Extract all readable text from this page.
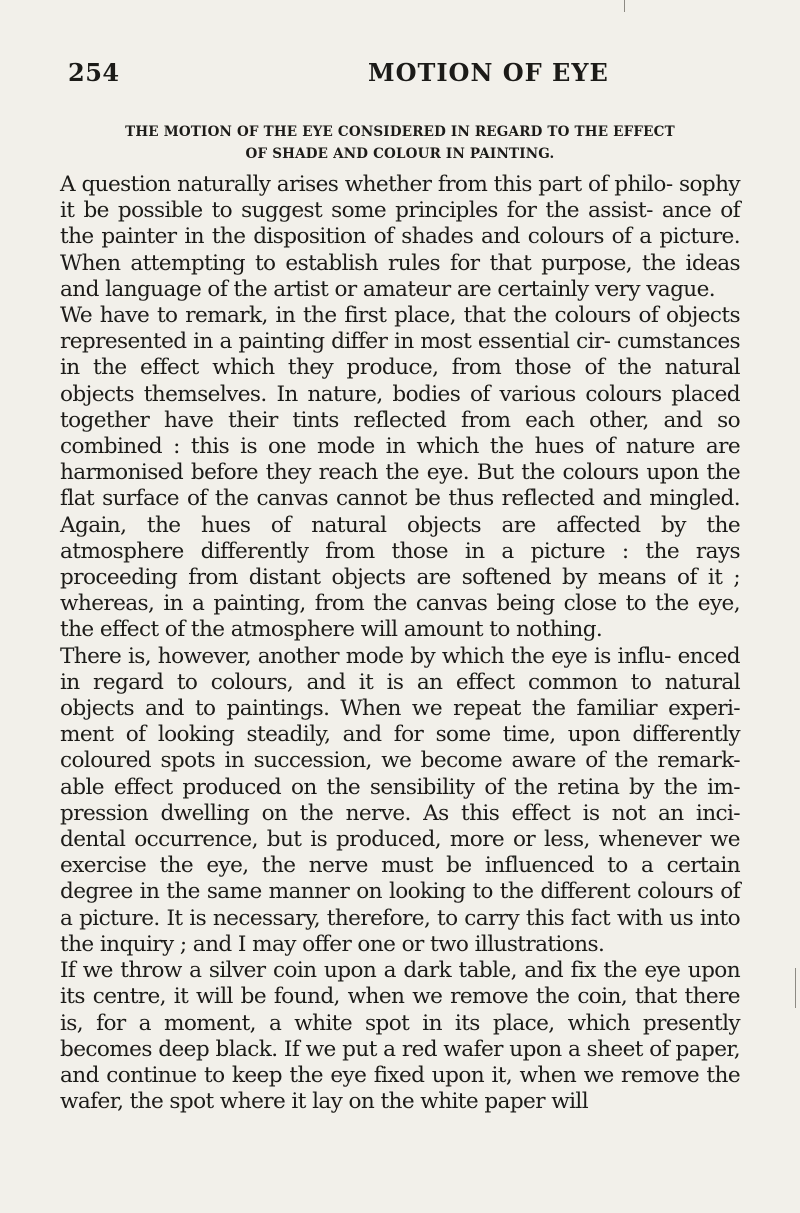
254	MOTION OF EYE
THE MOTION OF THE EYE CONSIDERED IN REGARD TO THE EFFECT
OF SHADE AND COLOUR IN PAINTING.

A question naturally arises whether from this part of philo- sophy it be possible to suggest some principles for the assist- ance of the painter in the disposition of shades and colours of a picture. When attempting to establish rules for that purpose, the ideas and language of the artist or amateur are certainly very vague.

We have to remark, in the first place, that the colours of objects represented in a painting differ in most essential cir- cumstances in the effect which they produce, from those of the natural objects themselves. In nature, bodies of various colours placed together have their tints reflected from each other, and so combined : this is one mode in which the hues of nature are harmonised before they reach the eye. But the colours upon the flat surface of the canvas cannot be thus reflected and mingled. Again, the hues of natural objects are affected by the atmosphere differently from those in a picture : the rays proceeding from distant objects are softened by means of it ; whereas, in a painting, from the canvas being close to the eye, the effect of the atmosphere will amount to nothing.

There is, however, another mode by which the eye is influ- enced in regard to colours, and it is an effect common to natural objects and to paintings. When we repeat the familiar experi- ment of looking steadily, and for some time, upon differently coloured spots in succession, we become aware of the remark- able effect produced on the sensibility of the retina by the im- pression dwelling on the nerve. As this effect is not an inci- dental occurrence, but is produced, more or less, whenever we exercise the eye, the nerve must be influenced to a certain degree in the same manner on looking to the different colours of a picture. It is necessary, therefore, to carry this fact with us into the inquiry ; and I may offer one or two illustrations.

If we throw a silver coin upon a dark table, and fix the eye upon its centre, it will be found, when we remove the coin, that there is, for a moment, a white spot in its place, which presently becomes deep black. If we put a red wafer upon a sheet of paper, and continue to keep the eye fixed upon it, when we remove the wafer, the spot where it lay on the white paper will
